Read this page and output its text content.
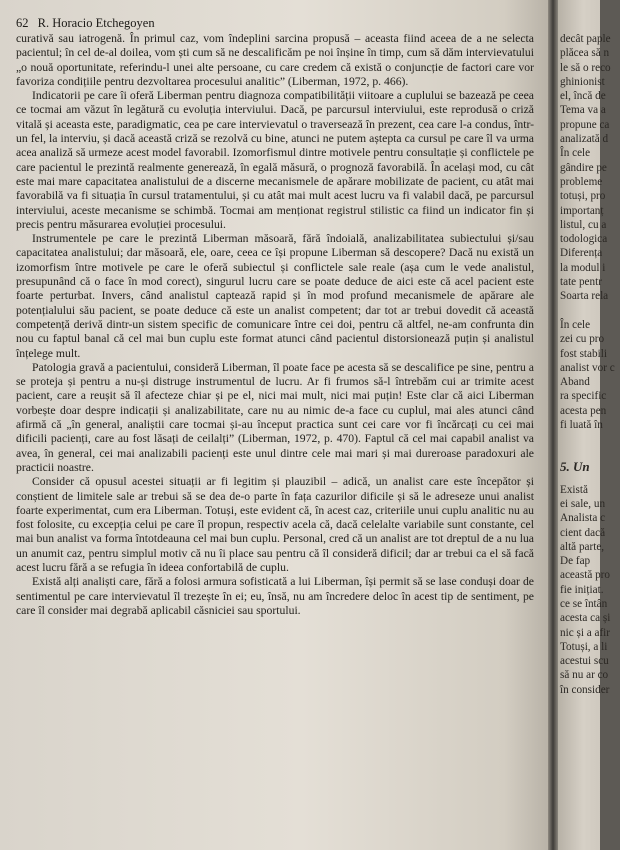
62 R. Horacio Etchegoyen

curativă sau iatrogenă. În primul caz, vom îndeplini sarcina propusă – aceasta fiind aceea de a ne selecta pacientul; în cel de-al doilea, vom ști cum să ne descalificăm pe noi înșine în timp, cum să dăm intervievatului „o nouă oportunitate, referindu-l unei alte persoane, cu care credem că există o conjuncție de factori care vor favoriza condițiile pentru dezvoltarea procesului analitic” (Liberman, 1972, p. 466).

Indicatorii pe care îi oferă Liberman pentru diagnoza compatibilității viitoare a cuplului se bazează pe ceea ce tocmai am văzut în legătură cu evoluția interviului. Dacă, pe parcursul interviului, este reprodusă o criză vitală și aceasta este, paradigmatic, cea pe care intervievatul o traversează în prezent, cea care l-a condus, într-un fel, la interviu, și dacă această criză se rezolvă cu bine, atunci ne putem aștepta ca cursul pe care îl va urma acea analiză să urmeze acest model favorabil. Izomorfismul dintre motivele pentru consultație și conflictele pe care pacientul le prezintă realmente generează, în egală măsură, o prognoză favorabilă. În același mod, cu cât este mai mare capacitatea analistului de a discerne mecanismele de apărare mobilizate de pacient, cu atât mai favorabilă va fi situația în cursul tratamentului, și cu atât mai mult acest lucru va fi valabil dacă, pe parcursul interviului, aceste mecanisme se schimbă. Tocmai am menționat registrul stilistic ca fiind un indicator fin și precis pentru măsurarea evoluției procesului.

Instrumentele pe care le prezintă Liberman măsoară, fără îndoială, analizabilitatea subiectului și/sau capacitatea analistului; dar măsoară, ele, oare, ceea ce își propune Liberman să descopere? Dacă nu există un izomorfism între motivele pe care le oferă subiectul și conflictele sale reale (așa cum le vede analistul, presupunând că o face în mod corect), singurul lucru care se poate deduce de aici este că acel pacient este foarte perturbat. Invers, când analistul captează rapid și în mod profund mecanismele de apărare ale potențialului său pacient, se poate deduce că este un analist competent; dar tot ar trebui dovedit că această competență derivă dintr-un sistem specific de comunicare între cei doi, pentru că altfel, ne-am confrunta din nou cu faptul banal că cel mai bun cuplu este format atunci când pacientul distorsionează puțin și analistul înțelege mult.

Patologia gravă a pacientului, consideră Liberman, îl poate face pe acesta să se descalifice pe sine, pentru a se proteja și pentru a nu-și distruge instrumentul de lucru. Ar fi frumos să-l întrebăm cui ar trimite acest pacient, care a reușit să îl afecteze chiar și pe el, nici mai mult, nici mai puțin! Este clar că aici Liberman vorbește doar despre indicații și analizabilitate, care nu au nimic de-a face cu cuplul, mai ales atunci când afirmă că „în general, analiștii care tocmai și-au început practica sunt cei care vor fi încărcați cu cei mai dificili pacienți, care au fost lăsați de ceilalți” (Liberman, 1972, p. 470). Faptul că cel mai capabil analist va avea, în general, cei mai analizabili pacienți este unul dintre cele mai mari și mai dureroase paradoxuri ale practicii noastre.

Consider că opusul acestei situații ar fi legitim și plauzibil – adică, un analist care este începător și conștient de limitele sale ar trebui să se dea de-o parte în fața cazurilor dificile și să le adreseze unui analist foarte experimentat, cum era Liberman. Totuși, este evident că, în acest caz, criteriile unui cuplu analitic nu au fost folosite, cu excepția celui pe care îl propun, respectiv acela că, dacă celelalte variabile sunt constante, cel mai bun analist va forma întotdeauna cel mai bun cuplu. Personal, cred că un analist are tot dreptul de a nu lua un anumit caz, pentru simplul motiv că nu îi place sau pentru că îl consideră dificil; dar ar trebui ca el să facă acest lucru fără a se refugia în ideea confortabilă de cuplu.

Există alți analiști care, fără a folosi armura sofisticată a lui Liberman, își permit să se lase conduși doar de sentimentul pe care intervievatul îl trezește în ei; eu, însă, nu am încredere deloc în acest tip de sentiment, pe care îl consider mai degrabă aplicabil căsniciei sau sportului.

decât paple
plăcea să n
le să o reco
ghinionist
el, încă de
Tema va a
propune ca
analizată d
În cele
gândire pe
probleme
totuși, pro
importanț
listul, cu a
todologica
Diferența
la modul i
tate pentr
Soarta rela
În cele
zei cu pro
fost stabili
analist vor c
Aband
ra specific
acesta pen
fi luată în
5. Un
Există
ei sale, un
Analista c
cient dacă
altă parte,
De fap
această pro
fie inițiat.
ce se întân
acesta ca și
nic și a afir
Totuși, a li
acestui scu
să nu ar co
în consider
